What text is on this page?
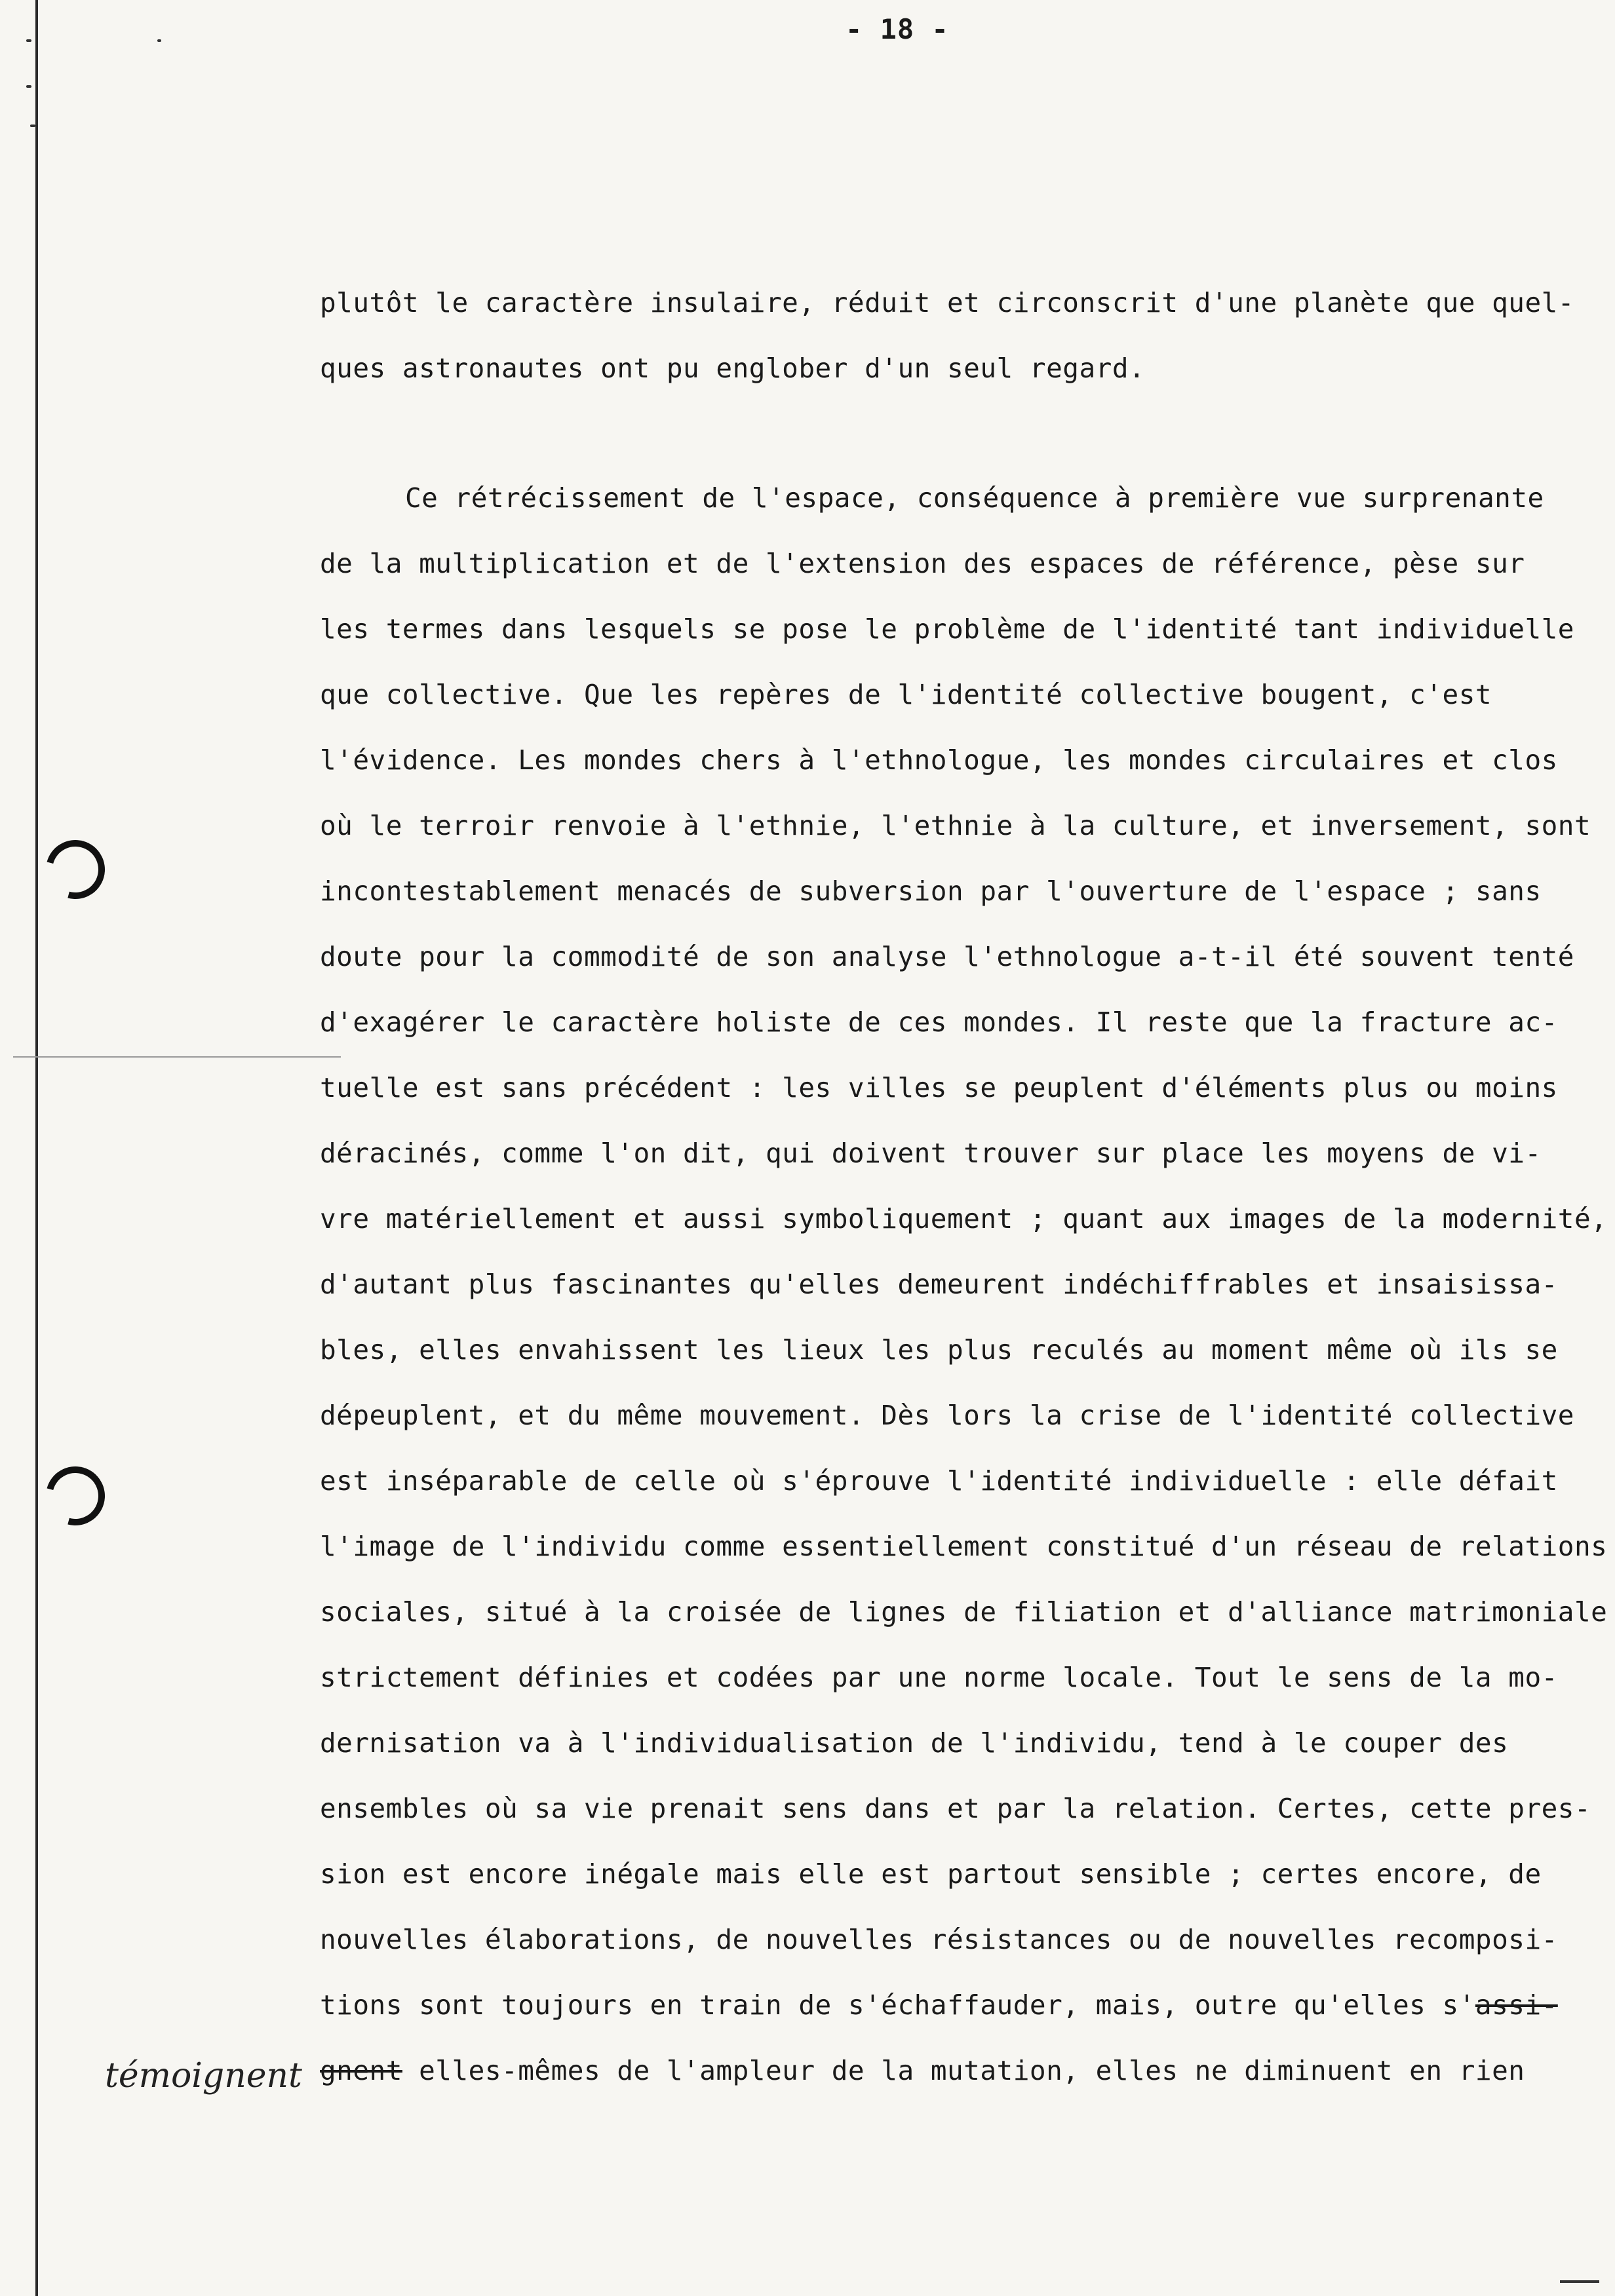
- 18 -
plutôt le caractère insulaire, réduit et circonscrit d'une planète que quel-
ques astronautes ont pu englober d'un seul regard.
Ce rétrécissement de l'espace, conséquence à première vue surprenante
de la multiplication et de l'extension des espaces de référence, pèse sur
les termes dans lesquels se pose le problème de l'identité tant individuelle
que collective. Que les repères de l'identité collective bougent, c'est
l'évidence. Les mondes chers à l'ethnologue, les mondes circulaires et clos
où le terroir renvoie à l'ethnie, l'ethnie à la culture, et inversement, sont
incontestablement menacés de subversion par l'ouverture de l'espace ; sans
doute pour la commodité de son analyse l'ethnologue a-t-il été souvent tenté
d'exagérer le caractère holiste de ces mondes. Il reste que la fracture ac-
tuelle est sans précédent : les villes se peuplent d'éléments plus ou moins
déracinés, comme l'on dit, qui doivent trouver sur place les moyens de vi-
vre matériellement et aussi symboliquement ; quant aux images de la modernité,
d'autant plus fascinantes qu'elles demeurent indéchiffrables et insaisissa-
bles, elles envahissent les lieux les plus reculés au moment même où ils se
dépeuplent, et du même mouvement. Dès lors la crise de l'identité collective
est inséparable de celle où s'éprouve l'identité individuelle : elle défait
l'image de l'individu comme essentiellement constitué d'un réseau de relations
sociales, situé à la croisée de lignes de filiation et d'alliance matrimoniale
strictement définies et codées par une norme locale. Tout le sens de la mo-
dernisation va à l'individualisation de l'individu, tend à le couper des
ensembles où sa vie prenait sens dans et par la relation. Certes, cette pres-
sion est encore inégale mais elle est partout sensible ; certes encore, de
nouvelles élaborations, de nouvelles résistances ou de nouvelles recomposi-
tions sont toujours en train de s'échaffauder, mais, outre qu'elles s'assi-
gnent elles-mêmes de l'ampleur de la mutation, elles ne diminuent en rien
témoignent
